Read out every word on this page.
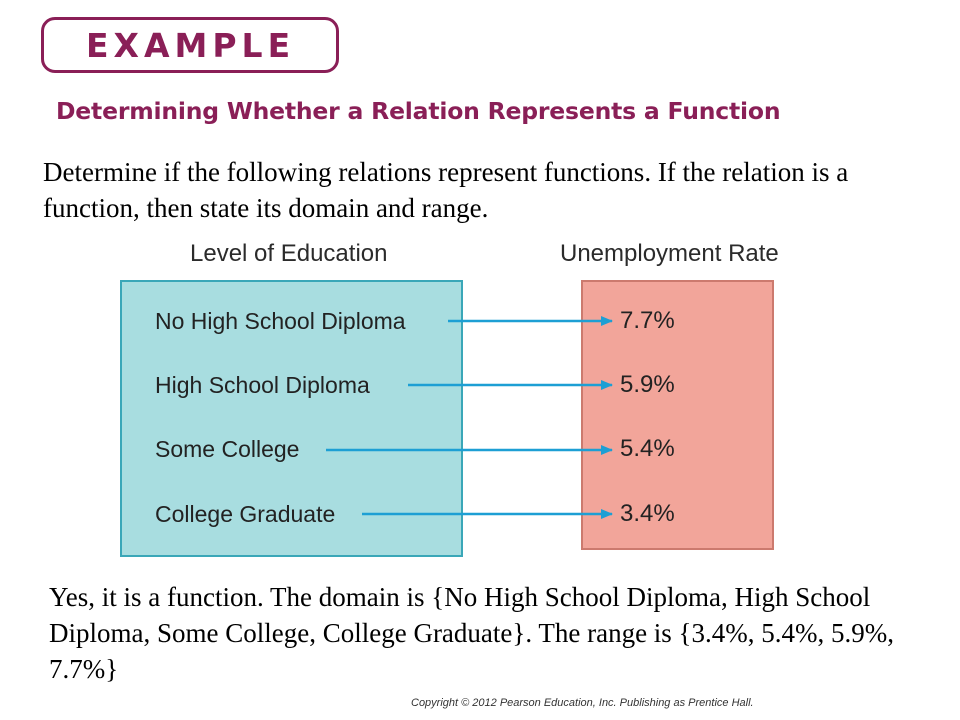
EXAMPLE
Determining Whether a Relation Represents a Function
Determine if the following relations represent functions. If the relation is a function, then state its domain and range.
Level of Education	Unemployment Rate
No High School Diploma
High School Diploma
Some College
College Graduate
7.7%
5.9%
5.4%
3.4%
Yes, it is a function. The domain is {No High School Diploma, High School Diploma, Some College, College Graduate}. The range is {3.4%, 5.4%, 5.9%, 7.7%}
Copyright © 2012 Pearson Education, Inc. Publishing as Prentice Hall.
